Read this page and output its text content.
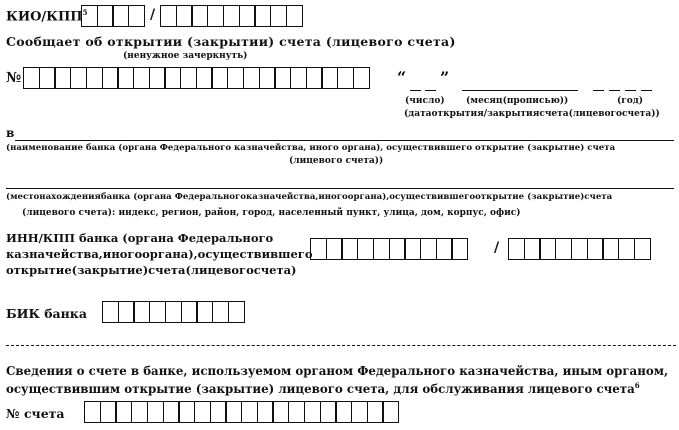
КИО/КПП$^5$	/
Сообщает об открытии (закрытии) счета (лицевого счета)
(ненужное зачеркнуть)
№	“ ”
(число) (месяц(прописью))	(год)
(датаоткрытия/закрытиясчета(лицевогосчета))
в
(наименование банка (органа Федерального казначейства, иного органа), осуществившего открытие (закрытие) счета
(лицевого счета))
(местонахождениябанка (органа Федеральногоказначейства,иногооргана),осуществившегооткрытие (закрытие)счета
(лицевого счета): индекс, регион, район, город, населенный пункт, улица, дом, корпус, офис)
ИНН/КПП банка (органа Федерального
казначейства,иногооргана),осуществившего
открытие(закрытие)счета(лицевогосчета)
/
БИК банка
Сведения о счете в банке, используемом органом Федерального казначейства, иным органом,
осуществившим открытие (закрытие) лицевого счета, для обслуживания лицевого счета$^6$
№ счета
